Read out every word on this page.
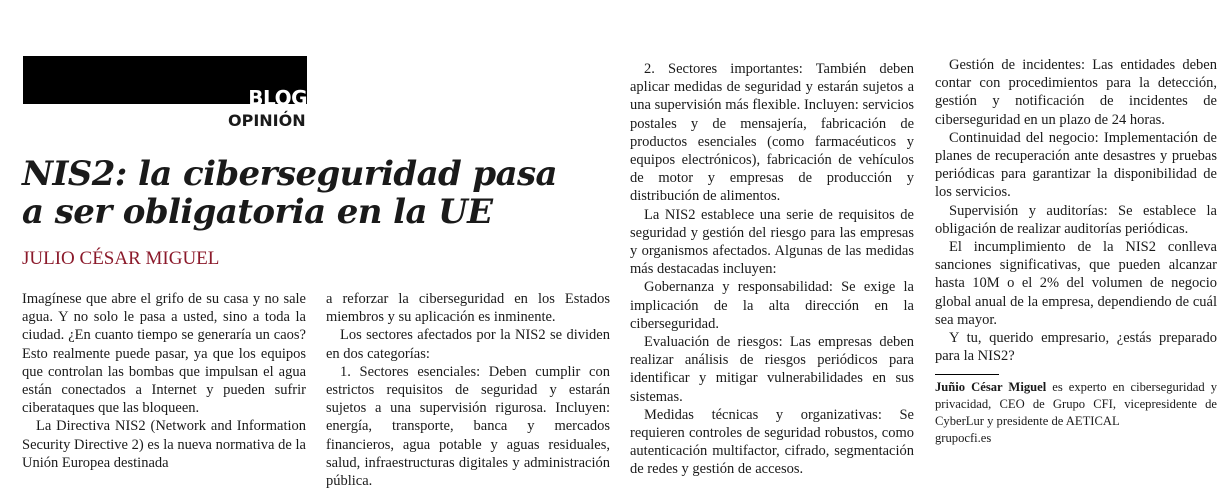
BLOG
OPINIÓN
NIS2: la ciberseguridad pasa
a ser obligatoria en la UE
JULIO CÉSAR MIGUEL

Imagínese que abre el grifo de su casa y no sale agua. Y no solo le pasa a usted, sino a toda la ciudad. ¿En cuanto tiempo se generaría un caos? Esto realmente puede pasar, ya que los equipos que controlan las bombas que impulsan el agua están conectados a Internet y pueden sufrir ciberataques que las bloqueen.

La Directiva NIS2 (Network and Information Security Directive 2) es la nueva normativa de la Unión Europea destinada

a reforzar la ciberseguridad en los Estados miembros y su aplicación es inminente.

Los sectores afectados por la NIS2 se dividen en dos categorías:

1. Sectores esenciales: Deben cumplir con estrictos requisitos de seguridad y estarán sujetos a una supervisión rigurosa. Incluyen: energía, transporte, banca y mercados financieros, agua potable y aguas residuales, salud, infraestructuras digitales y administración pública.

2. Sectores importantes: También deben aplicar medidas de seguridad y estarán sujetos a una supervisión más flexible. Incluyen: servicios postales y de mensajería, fabricación de productos esenciales (como farmacéuticos y equipos electrónicos), fabricación de vehículos de motor y empresas de producción y distribución de alimentos.

La NIS2 establece una serie de requisitos de seguridad y gestión del riesgo para las empresas y organismos afectados. Algunas de las medidas más destacadas incluyen:

Gobernanza y responsabilidad: Se exige la implicación de la alta dirección en la ciberseguridad.

Evaluación de riesgos: Las empresas deben realizar análisis de riesgos periódicos para identificar y mitigar vulnerabilidades en sus sistemas.

Medidas técnicas y organizativas: Se requieren controles de seguridad robustos, como autenticación multifactor, cifrado, segmentación de redes y gestión de accesos.

Gestión de incidentes: Las entidades deben contar con procedimientos para la detección, gestión y notificación de incidentes de ciberseguridad en un plazo de 24 horas.

Continuidad del negocio: Implementación de planes de recuperación ante desastres y pruebas periódicas para garantizar la disponibilidad de los servicios.

Supervisión y auditorías: Se establece la obligación de realizar auditorías periódicas.

El incumplimiento de la NIS2 conlleva sanciones significativas, que pueden alcanzar hasta 10M o el 2% del volumen de negocio global anual de la empresa, dependiendo de cuál sea mayor.

Y tu, querido empresario, ¿estás preparado para la NIS2?

Juñio César Miguel es experto en ciberseguridad y privacidad, CEO de Grupo CFI, vicepresidente de CyberLur y presidente de AETICAL

grupocfi.es
